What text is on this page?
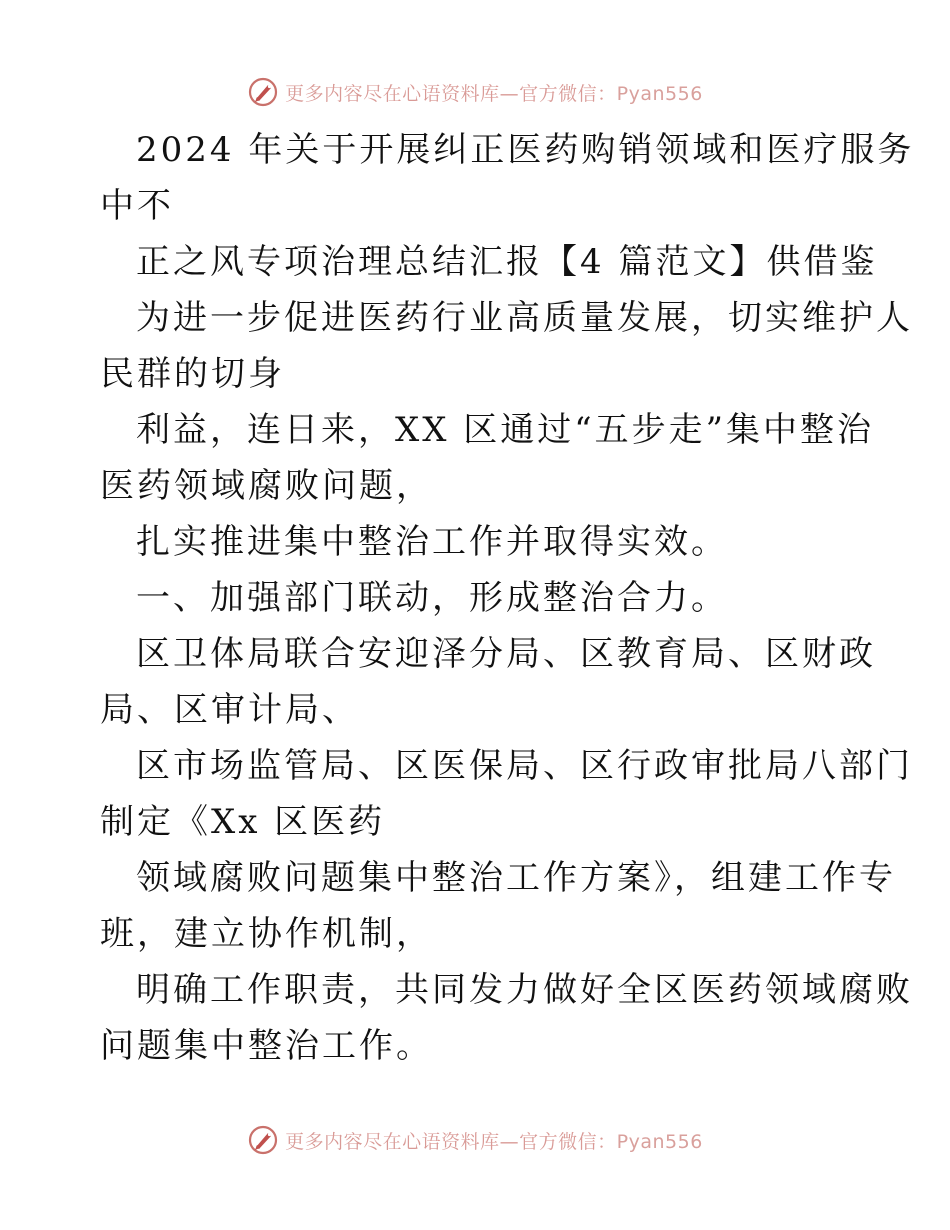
更多内容尽在心语资料库—官方微信：Pyan556
2024 年关于开展纠正医药购销领域和医疗服务
中不
正之风专项治理总结汇报【4 篇范文】供借鉴
为进一步促进医药行业高质量发展，切实维护人
民群的切身
利益，连日来，XX 区通过“五步走”集中整治
医药领域腐败问题，
扎实推进集中整治工作并取得实效。
一、加强部门联动，形成整治合力。
区卫体局联合安迎泽分局、区教育局、区财政
局、区审计局、
区市场监管局、区医保局、区行政审批局八部门
制定《Xx 区医药
领域腐败问题集中整治工作方案》，组建工作专
班，建立协作机制，
明确工作职责，共同发力做好全区医药领域腐败
问题集中整治工作。
更多内容尽在心语资料库—官方微信：Pyan556
